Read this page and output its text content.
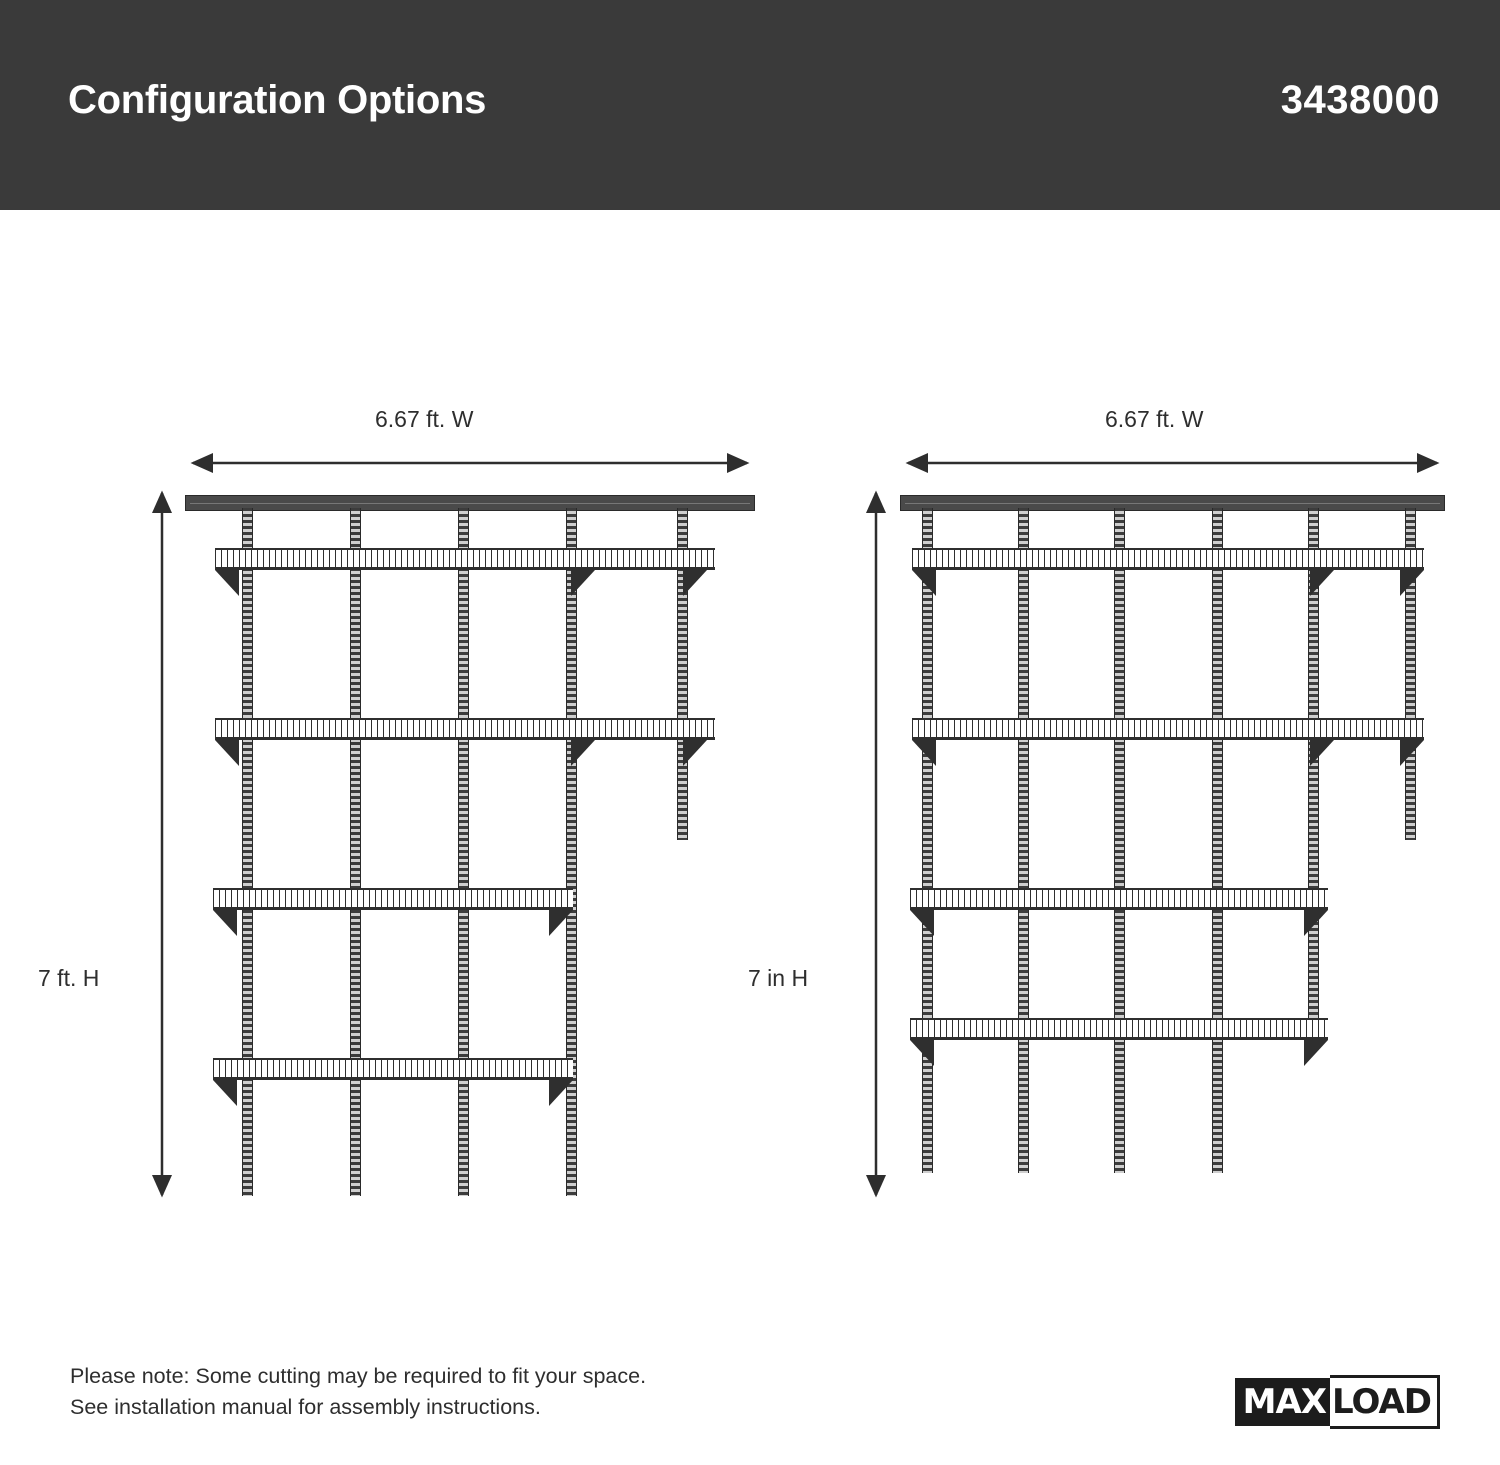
Configuration Options	3438000
6.67 ft. W
7 ft. H
6.67 ft. W
7 in H
Please note: Some cutting may be required to fit your space.
See installation manual for assembly instructions.	MAX LOAD
